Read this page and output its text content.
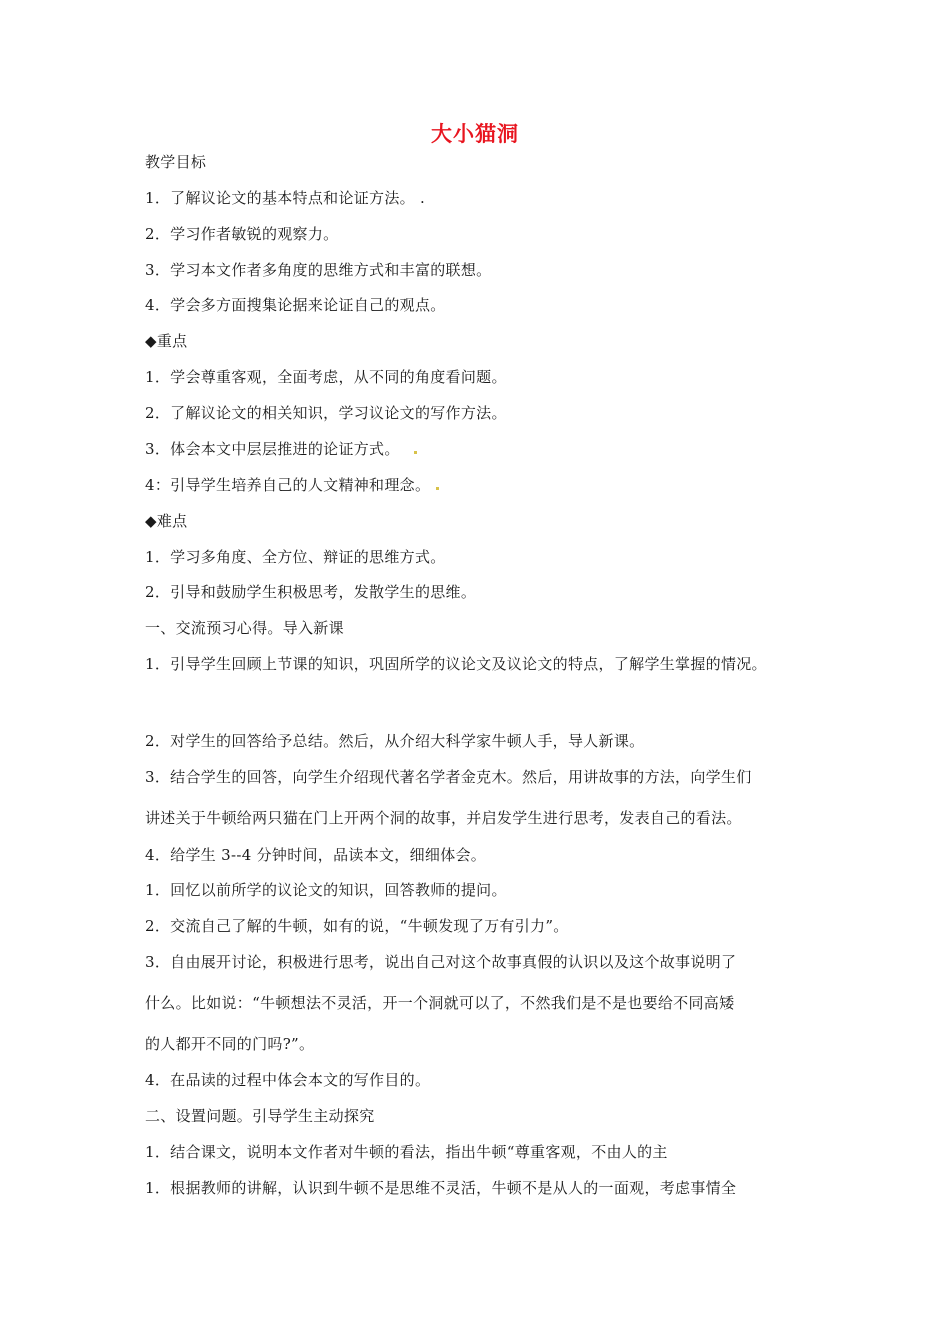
大小猫洞
教学目标
1．了解议论文的基本特点和论证方法。 .
2．学习作者敏锐的观察力。
3．学习本文作者多角度的思维方式和丰富的联想。
4．学会多方面搜集论据来论证自己的观点。
◆重点
1．学会尊重客观，全面考虑，从不同的角度看问题。
2．了解议论文的相关知识，学习议论文的写作方法。
3．体会本文中层层推进的论证方式。
4：引导学生培养自己的人文精神和理念。
◆难点
1．学习多角度、全方位、辩证的思维方式。
2．引导和鼓励学生积极思考，发散学生的思维。
一、交流预习心得。导入新课
1．引导学生回顾上节课的知识，巩固所学的议论文及议论文的特点，了解学生掌握的情况。
2．对学生的回答给予总结。然后，从介绍大科学家牛顿人手，导人新课。
3．结合学生的回答，向学生介绍现代著名学者金克木。然后，用讲故事的方法，向学生们
讲述关于牛顿给两只猫在门上开两个洞的故事，并启发学生进行思考，发表自己的看法。
4．给学生 3--4 分钟时间，品读本文，细细体会。
1．回忆以前所学的议论文的知识，回答教师的提问。
2．交流自己了解的牛顿，如有的说，“牛顿发现了万有引力”。
3．自由展开讨论，积极进行思考，说出自己对这个故事真假的认识以及这个故事说明了
什么。比如说：“牛顿想法不灵活，开一个洞就可以了，不然我们是不是也要给不同高矮
的人都开不同的门吗?”。
4．在品读的过程中体会本文的写作目的。
二、设置问题。引导学生主动探究
1．结合课文，说明本文作者对牛顿的看法，指出牛顿“尊重客观，不由人的主
1．根据教师的讲解，认识到牛顿不是思维不灵活，牛顿不是从人的一面观，考虑事情全
